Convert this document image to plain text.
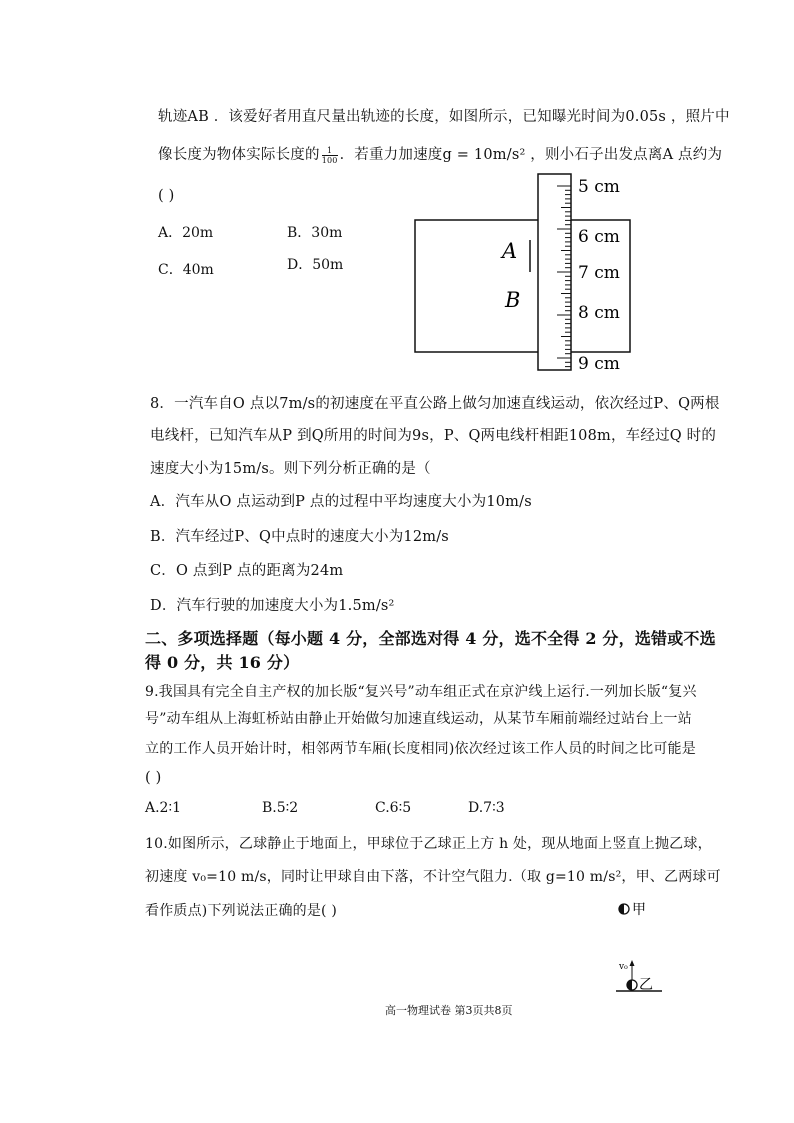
轨迹AB ．该爱好者用直尺量出轨迹的长度，如图所示，已知曝光时间为0.05s ，照片中
像长度为物体实际长度的 $\frac{1}{100}$ ．若重力加速度g = 10m/s² ，则小石子出发点离A 点约为
( )
A．20m	B．30m
C．40m	D．50m
A
B
5 cm
6 cm
7 cm
8 cm
9 cm
8．一汽车自O 点以7m/s的初速度在平直公路上做匀加速直线运动，依次经过P、Q两根
电线杆，已知汽车从P 到Q所用的时间为9s，P、Q两电线杆相距108m，车经过Q 时的
速度大小为15m/s。则下列分析正确的是（
A．汽车从O 点运动到P 点的过程中平均速度大小为10m/s
B．汽车经过P、Q中点时的速度大小为12m/s
C．O 点到P 点的距离为24m
D．汽车行驶的加速度大小为1.5m/s²
二、多项选择题（每小题 4 分，全部选对得 4 分，选不全得 2 分，选错或不选
得 0 分，共 16 分）
9.我国具有完全自主产权的加长版“复兴号”动车组正式在京沪线上运行.一列加长版“复兴
号”动车组从上海虹桥站由静止开始做匀加速直线运动，从某节车厢前端经过站台上一站
立的工作人员开始计时，相邻两节车厢(长度相同)依次经过该工作人员的时间之比可能是
( )
A.2∶1	B.5∶2	C.6∶5	D.7∶3
10.如图所示，乙球静止于地面上，甲球位于乙球正上方 h 处，现从地面上竖直上抛乙球，
初速度 v₀=10 m/s，同时让甲球自由下落，不计空气阻力.（取 g=10 m/s²，甲、乙两球可
看作质点)下列说法正确的是( )	甲
v₀
乙
高一物理试卷 第3页共8页
